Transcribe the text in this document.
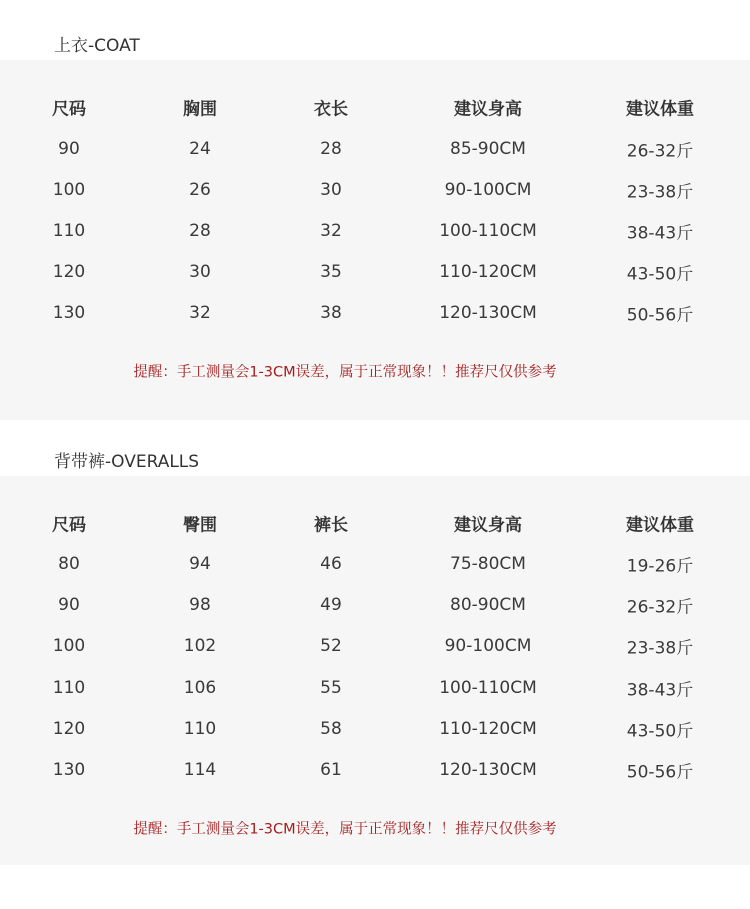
上衣-COAT
尺码	胸围	衣长	建议身高	建议体重
90	24	28	85-90CM	26-32斤
100	26	30	90-100CM	23-38斤
110	28	32	100-110CM	38-43斤
120	30	35	110-120CM	43-50斤
130	32	38	120-130CM	50-56斤
提醒：手工测量会1-3CM误差，属于正常现象！！推荐尺仅供参考
背带裤-OVERALLS
尺码	臀围	裤长	建议身高	建议体重
80	94	46	75-80CM	19-26斤
90	98	49	80-90CM	26-32斤
100	102	52	90-100CM	23-38斤
110	106	55	100-110CM	38-43斤
120	110	58	110-120CM	43-50斤
130	114	61	120-130CM	50-56斤
提醒：手工测量会1-3CM误差，属于正常现象！！推荐尺仅供参考
